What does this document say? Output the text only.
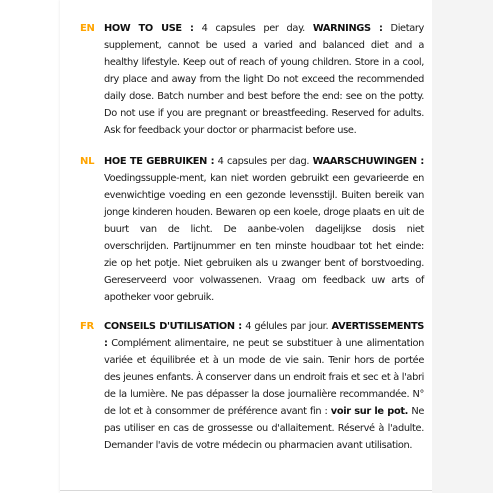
EN HOW TO USE : 4 capsules per day. WARNINGS : Dietary supplement, cannot be used a varied and balanced diet and a healthy lifestyle. Keep out of reach of young children. Store in a cool, dry place and away from the light Do not exceed the recommended daily dose. Batch number and best before the end: see on the potty. Do not use if you are pregnant or breastfeeding. Reserved for adults. Ask for feedback your doctor or pharmacist before use.

NL HOE TE GEBRUIKEN : 4 capsules per dag. WAARSCHUWINGEN : Voedingssupple-ment, kan niet worden gebruikt een gevarieerde en evenwichtige voeding en een gezonde levensstijl. Buiten bereik van jonge kinderen houden. Bewaren op een koele, droge plaats en uit de buurt van de licht. De aanbe-volen dagelijkse dosis niet overschrijden. Partijnummer en ten minste houdbaar tot het einde: zie op het potje. Niet gebruiken als u zwanger bent of borstvoeding. Gereserveerd voor volwassenen. Vraag om feedback uw arts of apotheker voor gebruik.

FR CONSEILS D'UTILISATION : 4 gélules par jour. AVERTISSEMENTS : Complément alimentaire, ne peut se substituer à une alimentation variée et équilibrée et à un mode de vie sain. Tenir hors de portée des jeunes enfants. À conserver dans un endroit frais et sec et à l'abri de la lumière. Ne pas dépasser la dose journalière recommandée. N° de lot et à consommer de préférence avant fin : voir sur le pot. Ne pas utiliser en cas de grossesse ou d'allaitement. Réservé à l'adulte. Demander l'avis de votre médecin ou pharmacien avant utilisation.
